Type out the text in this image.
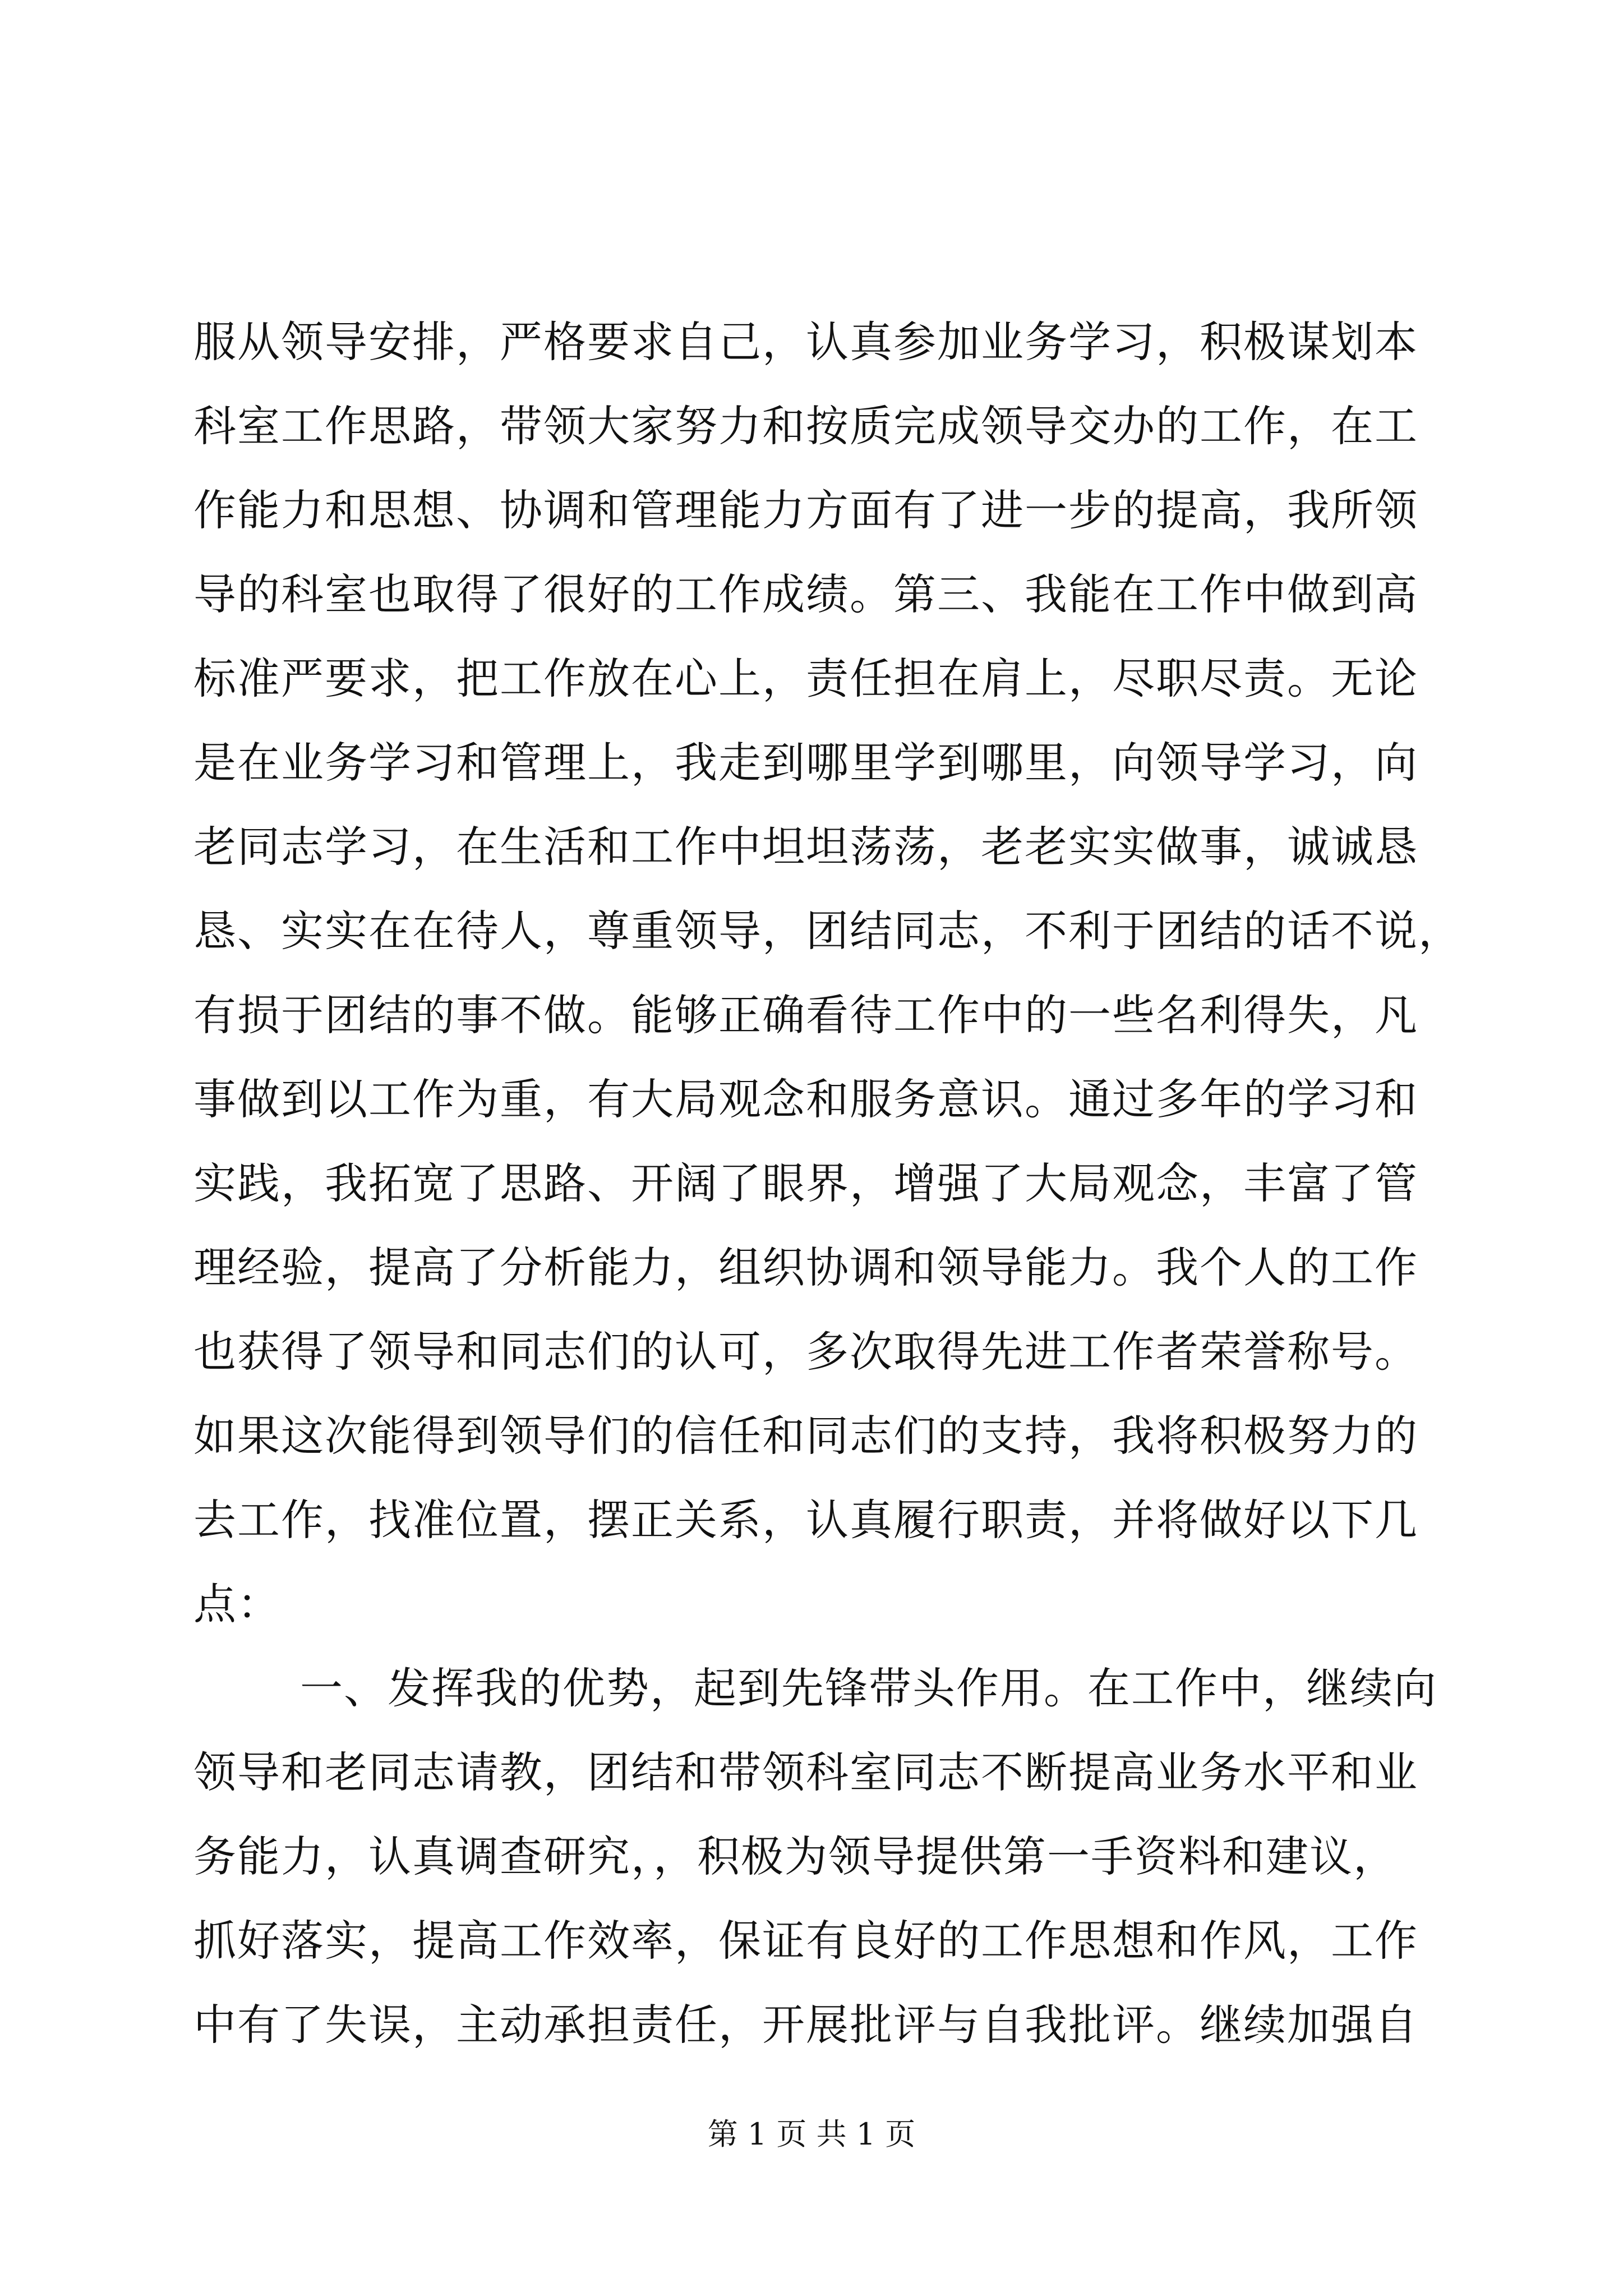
服从领导安排，严格要求自己，认真参加业务学习，积极谋划本
科室工作思路，带领大家努力和按质完成领导交办的工作，在工
作能力和思想、协调和管理能力方面有了进一步的提高，我所领
导的科室也取得了很好的工作成绩。第三、我能在工作中做到高
标准严要求，把工作放在心上，责任担在肩上，尽职尽责。无论
是在业务学习和管理上，我走到哪里学到哪里，向领导学习，向
老同志学习，在生活和工作中坦坦荡荡，老老实实做事，诚诚恳
恳、实实在在待人，尊重领导，团结同志，不利于团结的话不说，
有损于团结的事不做。能够正确看待工作中的一些名利得失，凡
事做到以工作为重，有大局观念和服务意识。通过多年的学习和
实践，我拓宽了思路、开阔了眼界，增强了大局观念，丰富了管
理经验，提高了分析能力，组织协调和领导能力。我个人的工作
也获得了领导和同志们的认可，多次取得先进工作者荣誉称号。
如果这次能得到领导们的信任和同志们的支持，我将积极努力的
去工作，找准位置，摆正关系，认真履行职责，并将做好以下几
点：
一、发挥我的优势，起到先锋带头作用。在工作中，继续向
领导和老同志请教，团结和带领科室同志不断提高业务水平和业
务能力，认真调查研究，，积极为领导提供第一手资料和建议，
抓好落实，提高工作效率，保证有良好的工作思想和作风，工作
中有了失误，主动承担责任，开展批评与自我批评。继续加强自
第 1 页 共 1 页
